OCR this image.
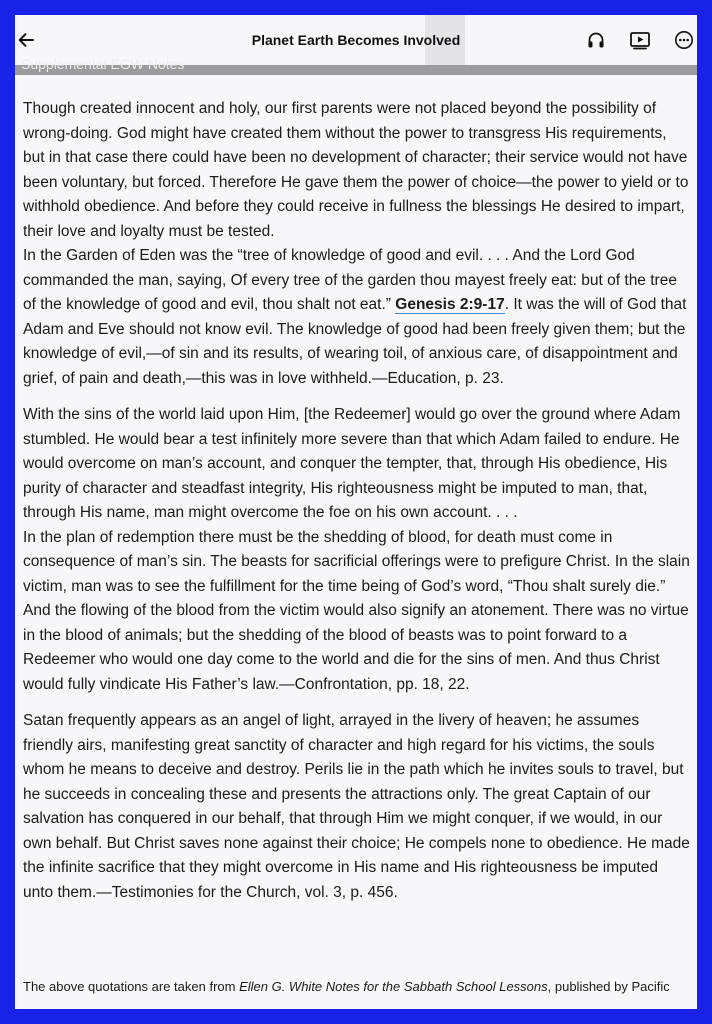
Planet Earth Becomes Involved
Supplemental EGW Notes

Though created innocent and holy, our first parents were not placed beyond the possibility of wrong-doing. God might have created them without the power to transgress His requirements, but in that case there could have been no development of character; their service would not have been voluntary, but forced. Therefore He gave them the power of choice—the power to yield or to withhold obedience. And before they could receive in fullness the blessings He desired to impart, their love and loyalty must be tested.

In the Garden of Eden was the “tree of knowledge of good and evil. . . . And the Lord God commanded the man, saying, Of every tree of the garden thou mayest freely eat: but of the tree of the knowledge of good and evil, thou shalt not eat.” Genesis 2:9-17. It was the will of God that Adam and Eve should not know evil. The knowledge of good had been freely given them; but the knowledge of evil,—of sin and its results, of wearing toil, of anxious care, of disappointment and grief, of pain and death,—this was in love withheld.—Education, p. 23.

With the sins of the world laid upon Him, [the Redeemer] would go over the ground where Adam stumbled. He would bear a test infinitely more severe than that which Adam failed to endure. He would overcome on man’s account, and conquer the tempter, that, through His obedience, His purity of character and steadfast integrity, His righteousness might be imputed to man, that, through His name, man might overcome the foe on his own account. . . .

In the plan of redemption there must be the shedding of blood, for death must come in consequence of man’s sin. The beasts for sacrificial offerings were to prefigure Christ. In the slain victim, man was to see the fulfillment for the time being of God’s word, “Thou shalt surely die.” And the flowing of the blood from the victim would also signify an atonement. There was no virtue in the blood of animals; but the shedding of the blood of beasts was to point forward to a Redeemer who would one day come to the world and die for the sins of men. And thus Christ would fully vindicate His Father’s law.—Confrontation, pp. 18, 22.

Satan frequently appears as an angel of light, arrayed in the livery of heaven; he assumes friendly airs, manifesting great sanctity of character and high regard for his victims, the souls whom he means to deceive and destroy. Perils lie in the path which he invites souls to travel, but he succeeds in concealing these and presents the attractions only. The great Captain of our salvation has conquered in our behalf, that through Him we might conquer, if we would, in our own behalf. But Christ saves none against their choice; He compels none to obedience. He made the infinite sacrifice that they might overcome in His name and His righteousness be imputed unto them.—Testimonies for the Church, vol. 3, p. 456.

The above quotations are taken from Ellen G. White Notes for the Sabbath School Lessons, published by Pacific
